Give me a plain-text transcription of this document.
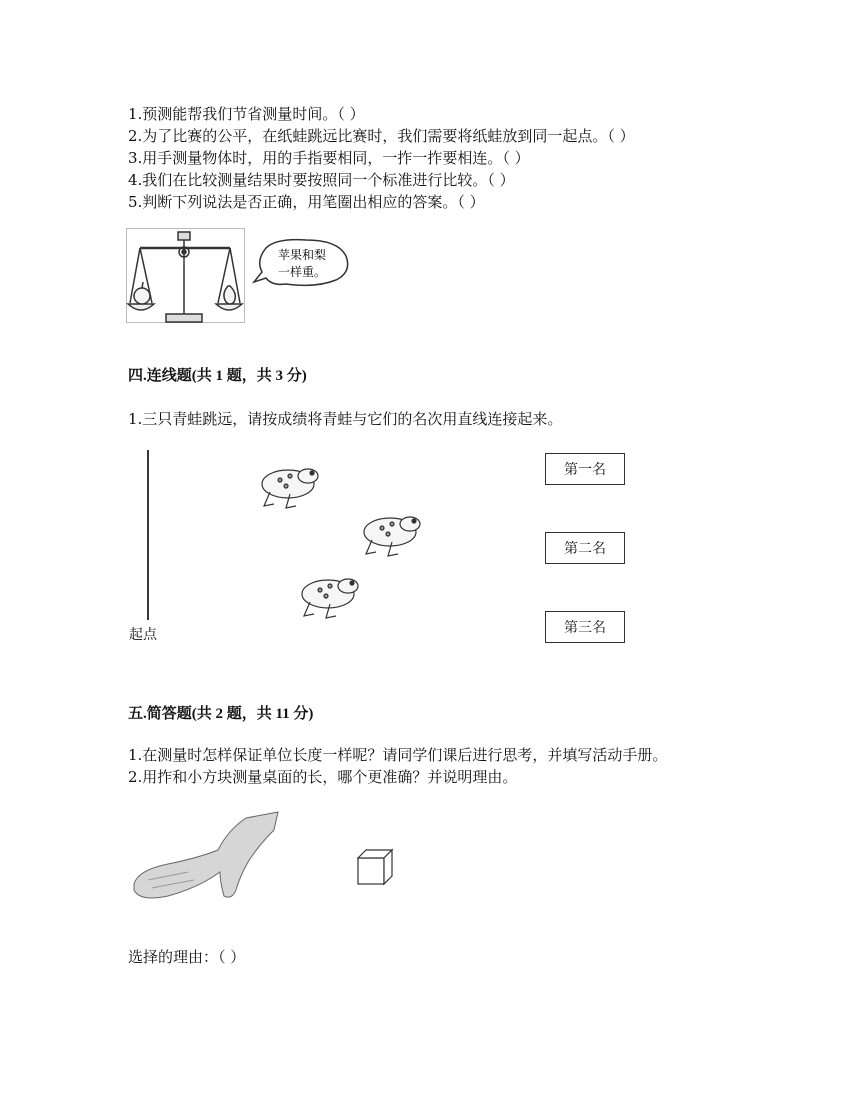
1.预测能帮我们节省测量时间。（ ）
2.为了比赛的公平，在纸蛙跳远比赛时，我们需要将纸蛙放到同一起点。（ ）
3.用手测量物体时，用的手指要相同，一拃一拃要相连。（ ）
4.我们在比较测量结果时要按照同一个标准进行比较。（ ）
5.判断下列说法是否正确，用笔圈出相应的答案。（ ）
苹果和梨
一样重。
四.连线题(共 1 题，共 3 分)
1.三只青蛙跳远，请按成绩将青蛙与它们的名次用直线连接起来。
起点
第一名
第二名
第三名
五.简答题(共 2 题，共 11 分)
1.在测量时怎样保证单位长度一样呢？请同学们课后进行思考，并填写活动手册。
2.用拃和小方块测量桌面的长，哪个更准确？并说明理由。
选择的理由：（ ）
